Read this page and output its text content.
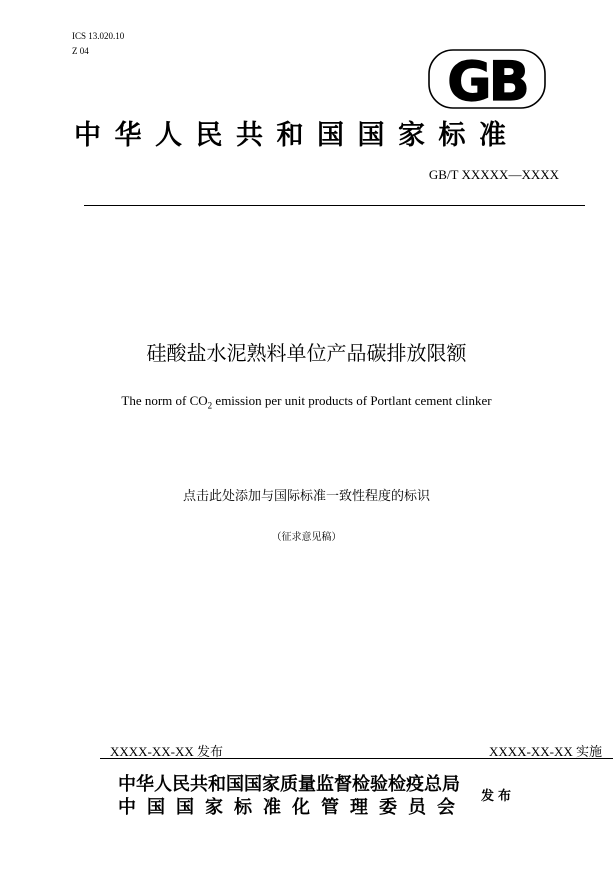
ICS 13.020.10
Z 04	GB
中华人民共和国国家标准
GB/T XXXXX—XXXX
硅酸盐水泥熟料单位产品碳排放限额
The norm of $CO_2$ emission per unit products of Portlant cement clinker
点击此处添加与国际标准一致性程度的标识
（征求意见稿）
XXXX-XX-XX 发布	XXXX-XX-XX 实施
中华人民共和国国家质量监督检验检疫总局
中国国家标准化管理委员会
发布
